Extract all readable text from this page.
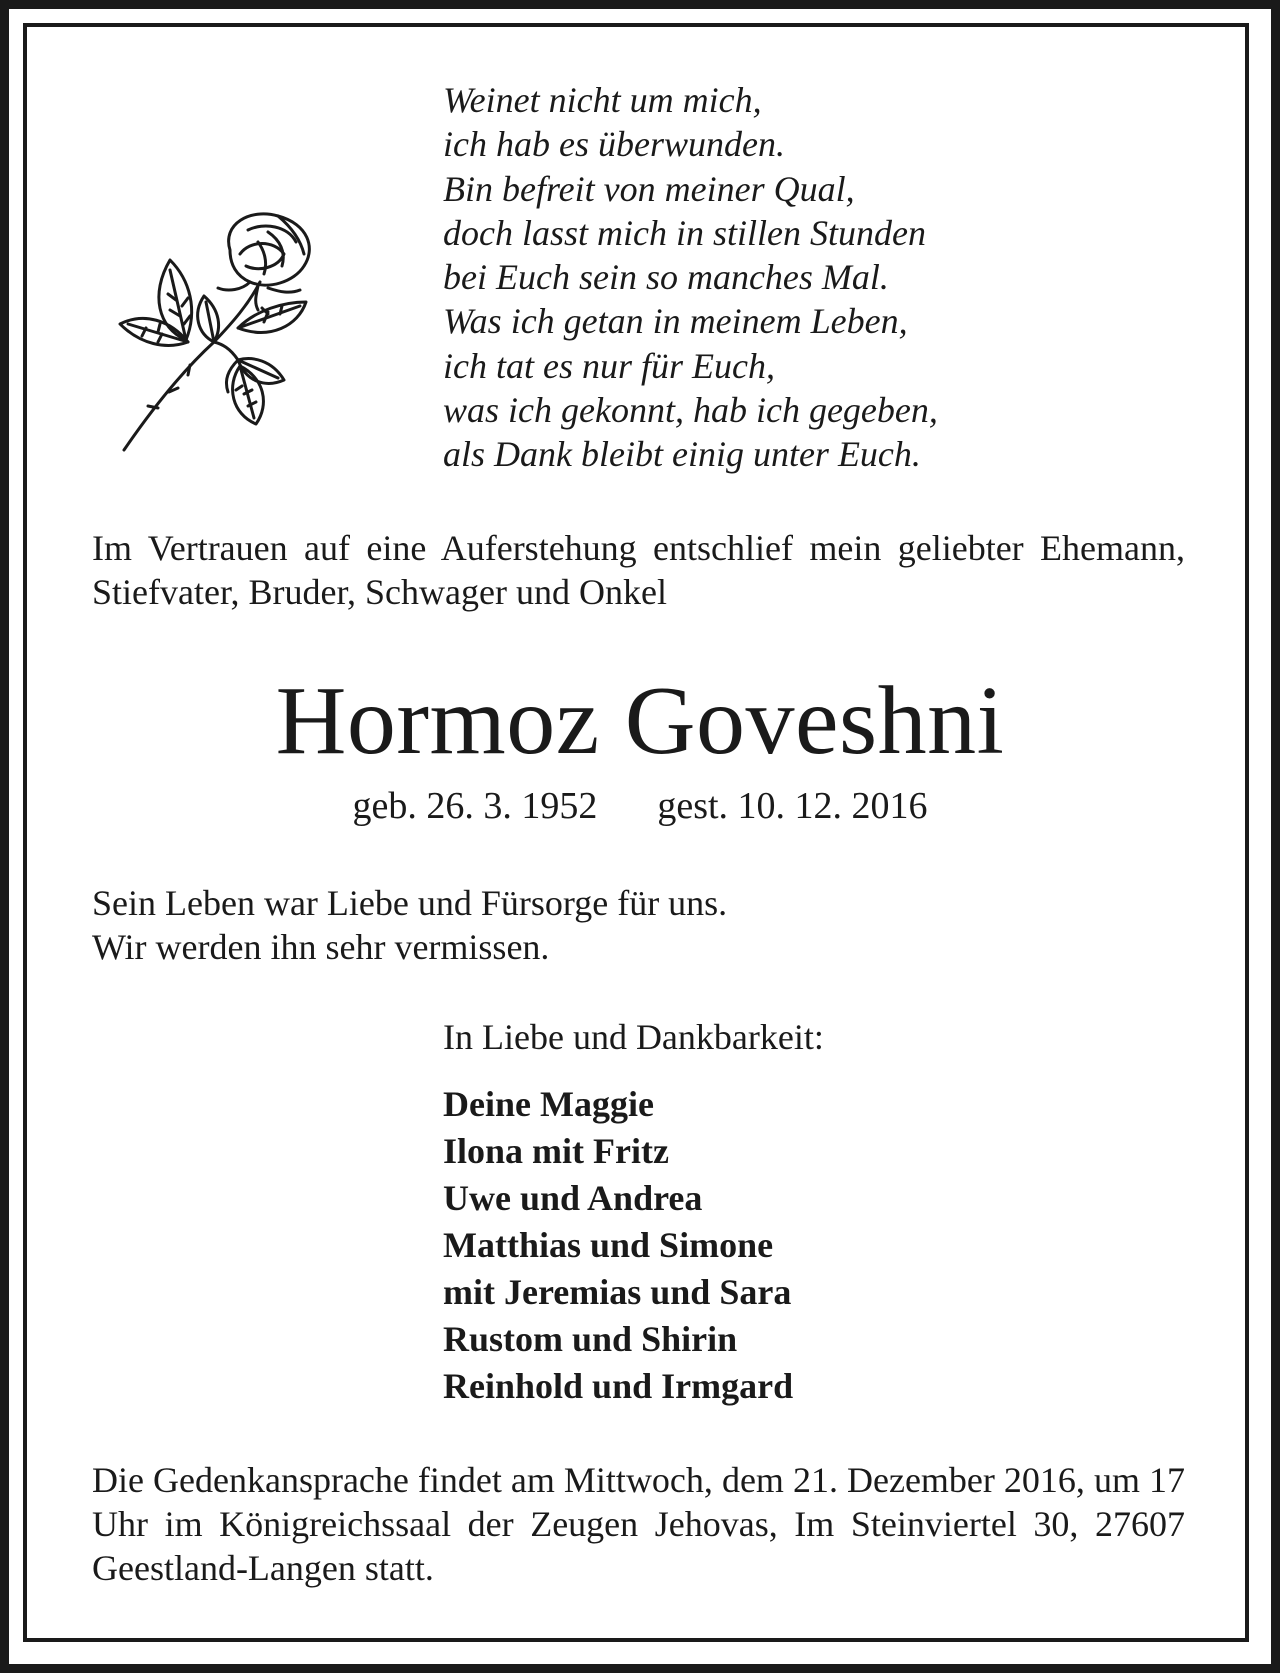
Weinet nicht um mich,
ich hab es überwunden.
Bin befreit von meiner Qual,
doch lasst mich in stillen Stunden
bei Euch sein so manches Mal.
Was ich getan in meinem Leben,
ich tat es nur für Euch,
was ich gekonnt, hab ich gegeben,
als Dank bleibt einig unter Euch.
Im Vertrauen auf eine Auferstehung entschlief mein geliebter Ehemann, Stiefvater, Bruder, Schwager und Onkel
Hormoz Goveshni
geb. 26. 3. 1952 gest. 10. 12. 2016
Sein Leben war Liebe und Fürsorge für uns.
Wir werden ihn sehr vermissen.
In Liebe und Dankbarkeit:
Deine Maggie
Ilona mit Fritz
Uwe und Andrea
Matthias und Simone
mit Jeremias und Sara
Rustom und Shirin
Reinhold und Irmgard
Die Gedenkansprache findet am Mittwoch, dem 21. Dezember 2016, um 17 Uhr im Königreichssaal der Zeugen Jehovas, Im Steinviertel 30, 27607 Geestland-Langen statt.
